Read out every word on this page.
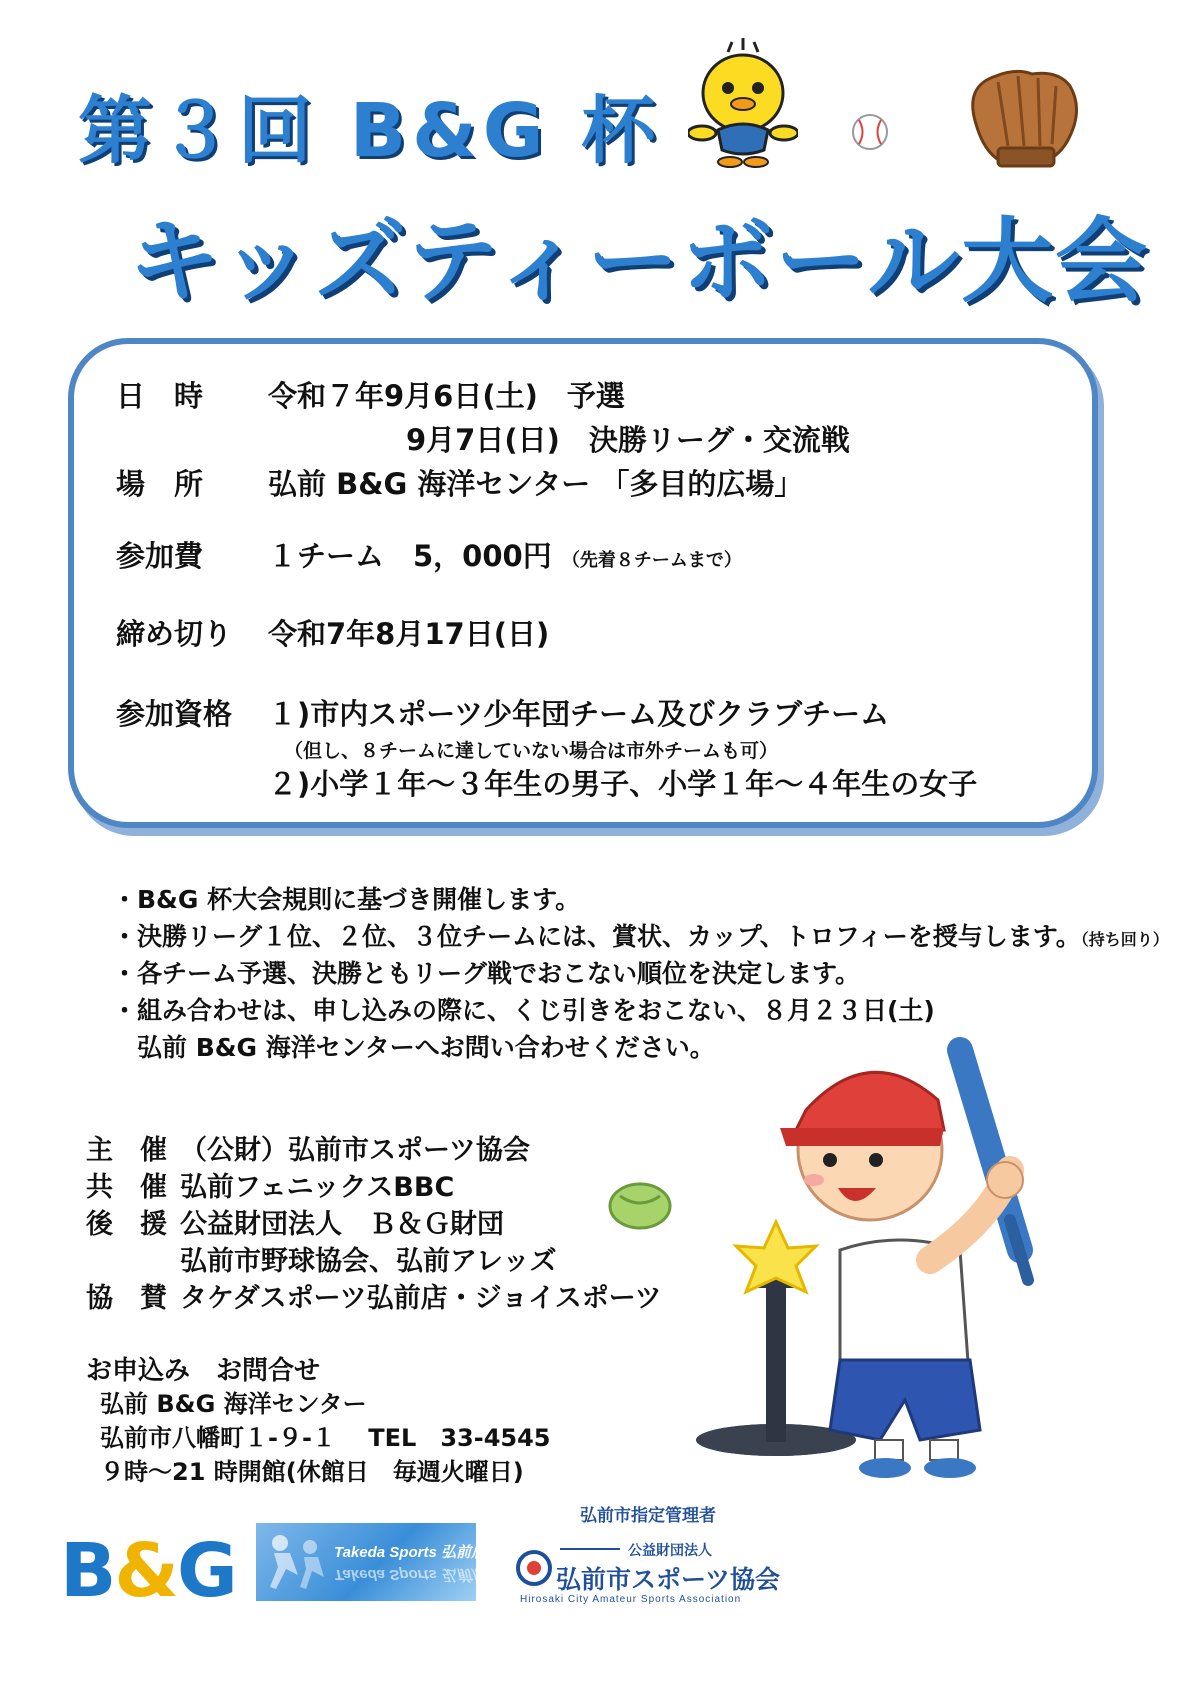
第３回 B&G 杯
キッズティーボール大会
日　時 令和７年9月6日(土)　予選
9月7日(日)　決勝リーグ・交流戦
場　所 弘前 B&G 海洋センター 「多目的広場」
参加費 １チーム　5，000円 （先着８チームまで）
締め切り 令和7年8月17日(日)
参加資格 １)市内スポーツ少年団チーム及びクラブチーム
（但し、８チームに達していない場合は市外チームも可）
２)小学１年～３年生の男子、小学１年～４年生の女子
・B&G 杯大会規則に基づき開催します。
・決勝リーグ１位、２位、３位チームには、賞状、カップ、トロフィーを授与します。（持ち回り）
・各チーム予選、決勝ともリーグ戦でおこない順位を決定します。
・組み合わせは、申し込みの際に、くじ引きをおこない、８月２３日(土)
　弘前 B&G 海洋センターへお問い合わせください。
主　催 （公財）弘前市スポーツ協会
共　催 弘前フェニックスBBC
後　援 公益財団法人　Ｂ＆Ｇ財団
弘前市野球協会、弘前アレッズ
協　賛 タケダスポーツ弘前店・ジョイスポーツ
お申込み　お問合せ
弘前 B&G 海洋センター
弘前市八幡町１-９-１　 TEL　33-4545
９時～21 時開館(休館日　毎週火曜日)
B&G	Takeda Sports 弘前店
Takeda Sports 弘前店
弘前市指定管理者
公益財団法人
弘前市スポーツ協会
Hirosaki City Amateur Sports Association
